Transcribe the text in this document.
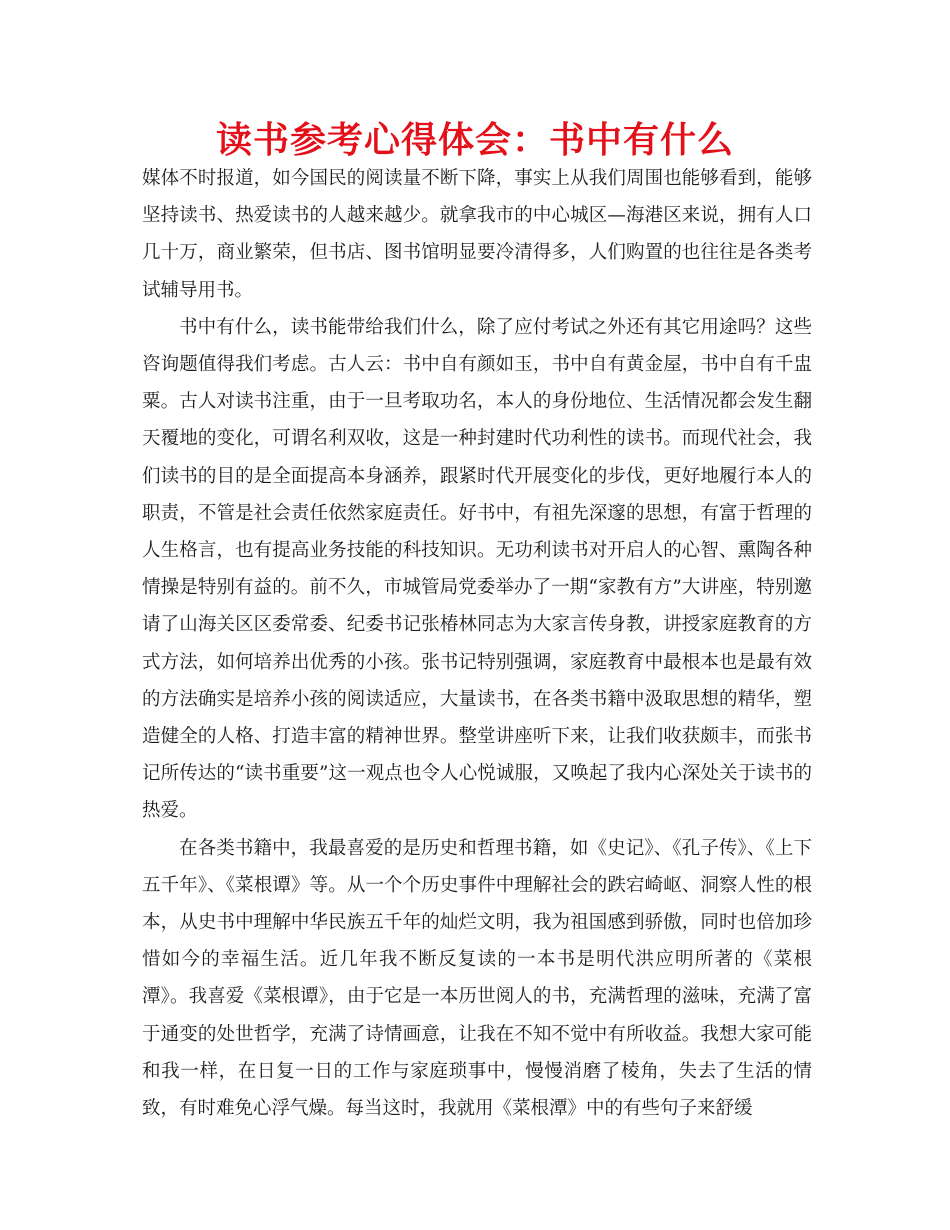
读书参考心得体会：书中有什么

媒体不时报道，如今国民的阅读量不断下降，事实上从我们周围也能够看到，能够坚持读书、热爱读书的人越来越少。就拿我市的中心城区—海港区来说，拥有人口几十万，商业繁荣，但书店、图书馆明显要冷清得多，人们购置的也往往是各类考试辅导用书。

书中有什么，读书能带给我们什么，除了应付考试之外还有其它用途吗？这些咨询题值得我们考虑。古人云：书中自有颜如玉，书中自有黄金屋，书中自有千盅粟。古人对读书注重，由于一旦考取功名，本人的身份地位、生活情况都会发生翻天覆地的变化，可谓名利双收，这是一种封建时代功利性的读书。而现代社会，我们读书的目的是全面提高本身涵养，跟紧时代开展变化的步伐，更好地履行本人的职责，不管是社会责任依然家庭责任。好书中，有祖先深邃的思想，有富于哲理的人生格言，也有提高业务技能的科技知识。无功利读书对开启人的心智、熏陶各种情操是特别有益的。前不久，市城管局党委举办了一期“家教有方”大讲座，特别邀请了山海关区区委常委、纪委书记张椿林同志为大家言传身教，讲授家庭教育的方式方法，如何培养出优秀的小孩。张书记特别强调，家庭教育中最根本也是最有效的方法确实是培养小孩的阅读适应，大量读书，在各类书籍中汲取思想的精华，塑造健全的人格、打造丰富的精神世界。整堂讲座听下来，让我们收获颇丰，而张书记所传达的“读书重要”这一观点也令人心悦诚服，又唤起了我内心深处关于读书的热爱。

在各类书籍中，我最喜爱的是历史和哲理书籍，如《史记》、《孔子传》、《上下五千年》、《菜根谭》等。从一个个历史事件中理解社会的跌宕崎岖、洞察人性的根本，从史书中理解中华民族五千年的灿烂文明，我为祖国感到骄傲，同时也倍加珍惜如今的幸福生活。近几年我不断反复读的一本书是明代洪应明所著的《菜根潭》。我喜爱《菜根谭》，由于它是一本历世阅人的书，充满哲理的滋味，充满了富于通变的处世哲学，充满了诗情画意，让我在不知不觉中有所收益。我想大家可能和我一样，在日复一日的工作与家庭琐事中，慢慢消磨了棱角，失去了生活的情致，有时难免心浮气燥。每当这时，我就用《菜根潭》中的有些句子来舒缓
